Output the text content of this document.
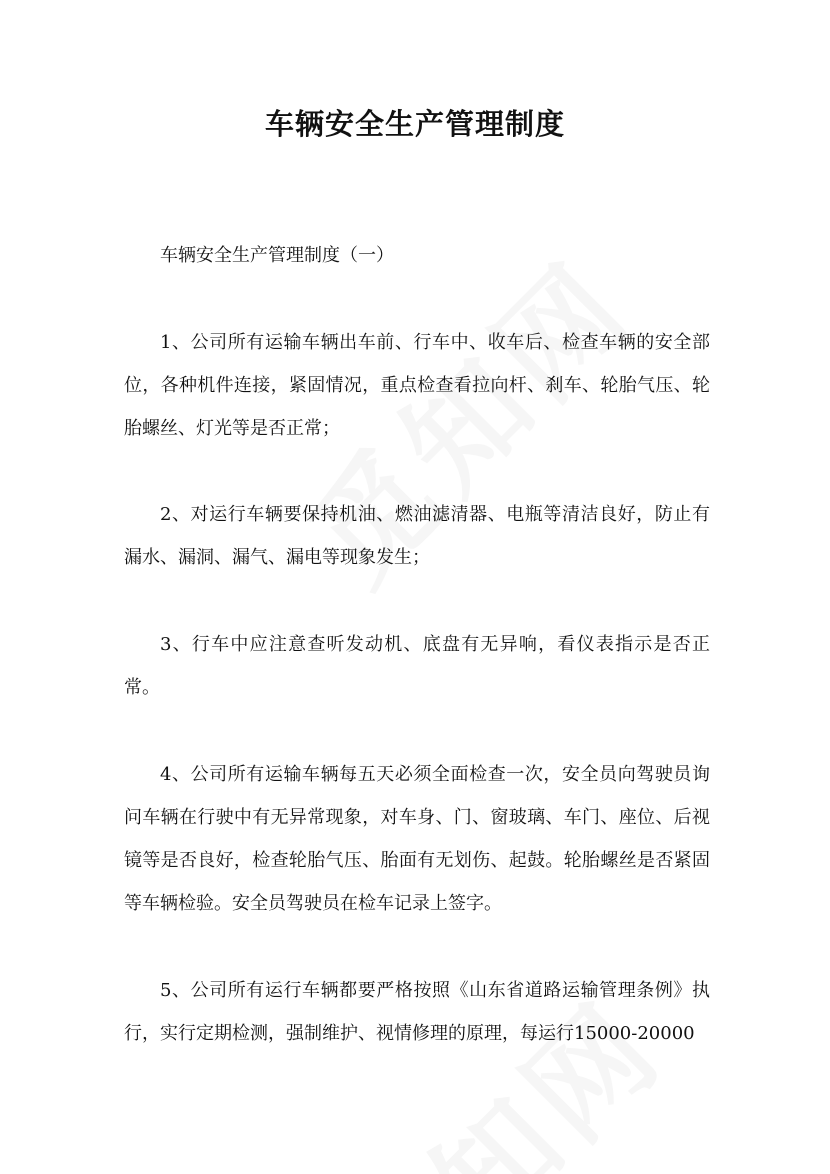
车辆安全生产管理制度
车辆安全生产管理制度（一）
1、公司所有运输车辆出车前、行车中、收车后、检查车辆的安全部位，各种机件连接，紧固情况，重点检查看拉向杆、刹车、轮胎气压、轮胎螺丝、灯光等是否正常；
2、对运行车辆要保持机油、燃油滤清器、电瓶等清洁良好，防止有漏水、漏洞、漏气、漏电等现象发生；
3、行车中应注意查听发动机、底盘有无异响，看仪表指示是否正常。
4、公司所有运输车辆每五天必须全面检查一次，安全员向驾驶员询问车辆在行驶中有无异常现象，对车身、门、窗玻璃、车门、座位、后视镜等是否良好，检查轮胎气压、胎面有无划伤、起鼓。轮胎螺丝是否紧固等车辆检验。安全员驾驶员在检车记录上签字。
5、公司所有运行车辆都要严格按照《山东省道路运输管理条例》执行，实行定期检测，强制维护、视情修理的原理，每运行15000-20000
